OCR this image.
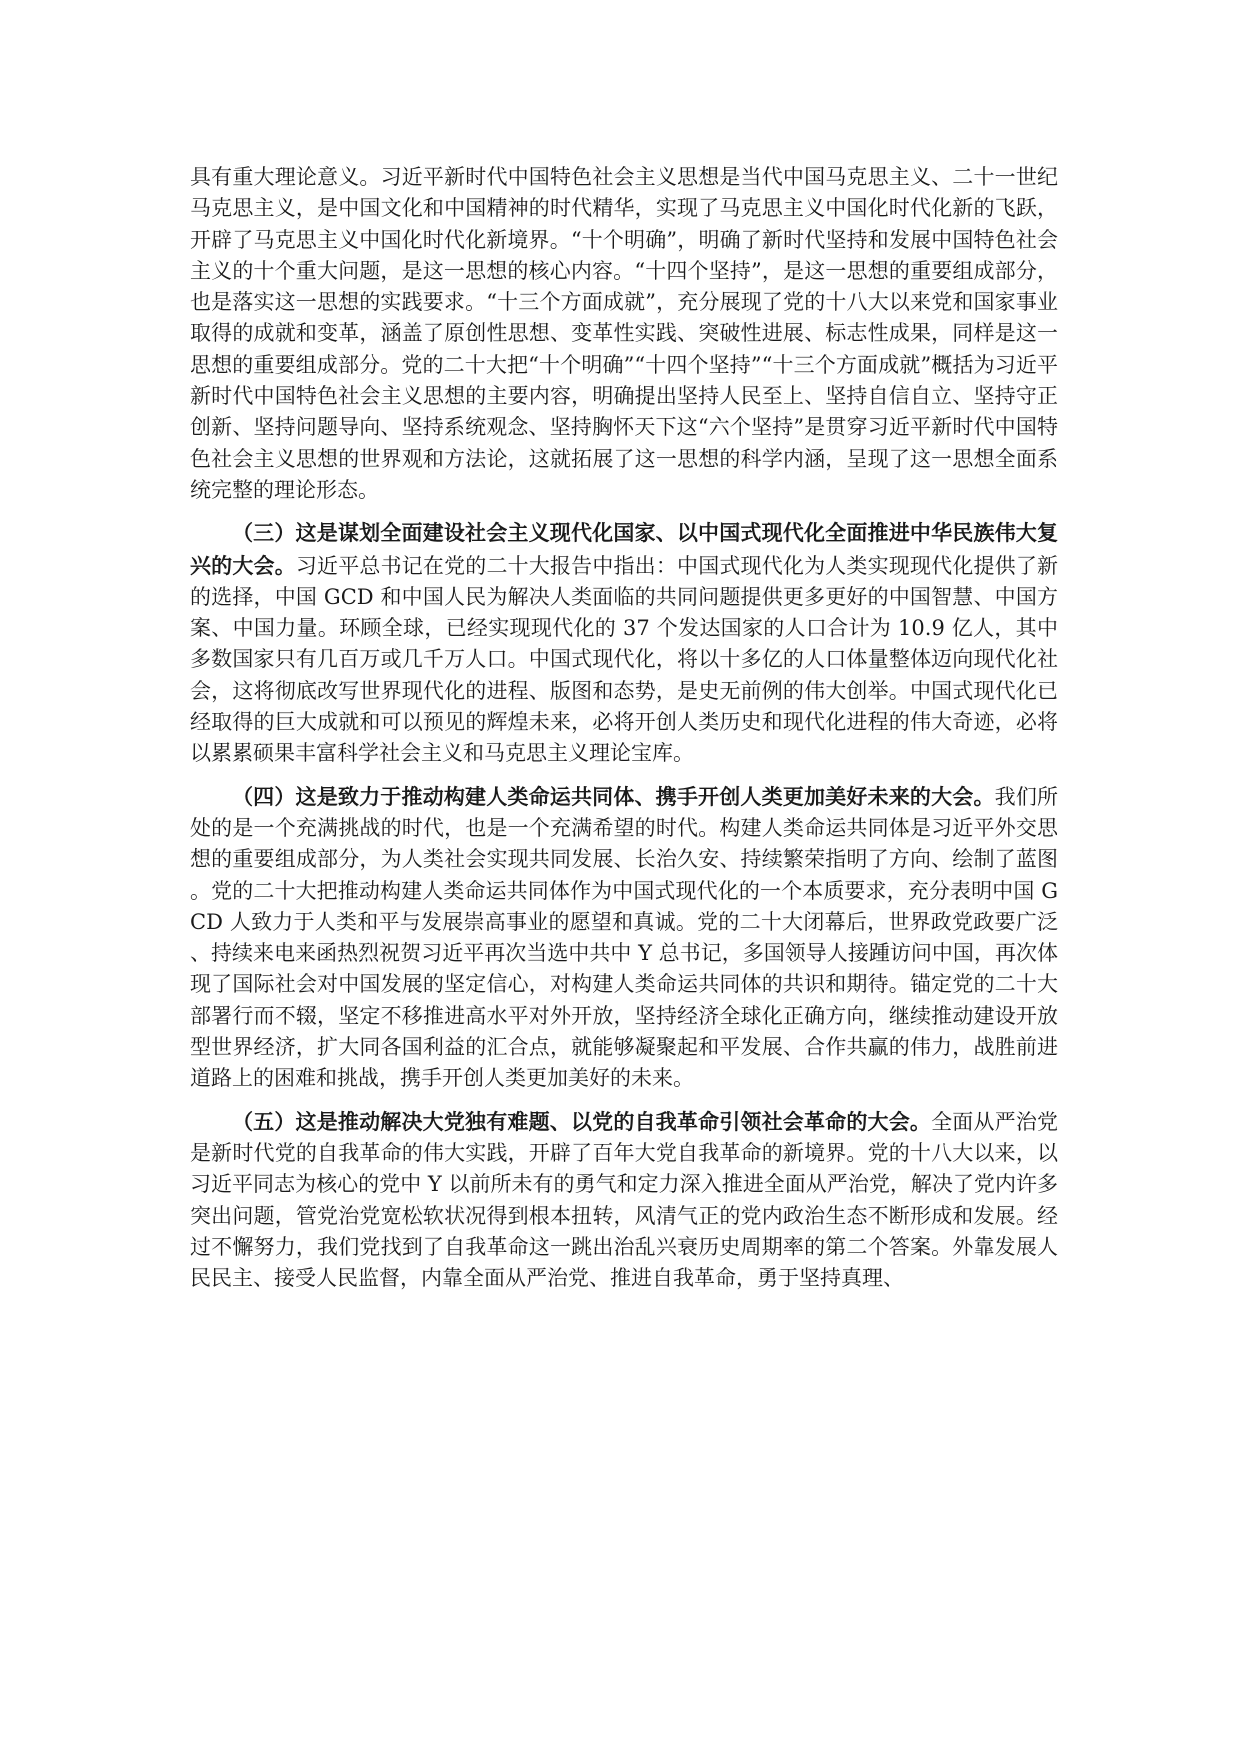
具有重大理论意义。习近平新时代中国特色社会主义思想是当代中国马克思主义、二十一世纪马克思主义，是中国文化和中国精神的时代精华，实现了马克思主义中国化时代化新的飞跃，开辟了马克思主义中国化时代化新境界。“十个明确”，明确了新时代坚持和发展中国特色社会主义的十个重大问题，是这一思想的核心内容。“十四个坚持”，是这一思想的重要组成部分，也是落实这一思想的实践要求。“十三个方面成就”，充分展现了党的十八大以来党和国家事业取得的成就和变革，涵盖了原创性思想、变革性实践、突破性进展、标志性成果，同样是这一思想的重要组成部分。党的二十大把“十个明确”“十四个坚持”“十三个方面成就”概括为习近平新时代中国特色社会主义思想的主要内容，明确提出坚持人民至上、坚持自信自立、坚持守正创新、坚持问题导向、坚持系统观念、坚持胸怀天下这“六个坚持”是贯穿习近平新时代中国特色社会主义思想的世界观和方法论，这就拓展了这一思想的科学内涵，呈现了这一思想全面系统完整的理论形态。

（三）这是谋划全面建设社会主义现代化国家、以中国式现代化全面推进中华民族伟大复兴的大会。习近平总书记在党的二十大报告中指出：中国式现代化为人类实现现代化提供了新的选择，中国 GCD 和中国人民为解决人类面临的共同问题提供更多更好的中国智慧、中国方案、中国力量。环顾全球，已经实现现代化的 37 个发达国家的人口合计为 10.9 亿人，其中多数国家只有几百万或几千万人口。中国式现代化，将以十多亿的人口体量整体迈向现代化社会，这将彻底改写世界现代化的进程、版图和态势，是史无前例的伟大创举。中国式现代化已经取得的巨大成就和可以预见的辉煌未来，必将开创人类历史和现代化进程的伟大奇迹，必将以累累硕果丰富科学社会主义和马克思主义理论宝库。

（四）这是致力于推动构建人类命运共同体、携手开创人类更加美好未来的大会。我们所处的是一个充满挑战的时代，也是一个充满希望的时代。构建人类命运共同体是习近平外交思想的重要组成部分，为人类社会实现共同发展、长治久安、持续繁荣指明了方向、绘制了蓝图。党的二十大把推动构建人类命运共同体作为中国式现代化的一个本质要求，充分表明中国 GCD 人致力于人类和平与发展崇高事业的愿望和真诚。党的二十大闭幕后，世界政党政要广泛、持续来电来函热烈祝贺习近平再次当选中共中 Y 总书记，多国领导人接踵访问中国，再次体现了国际社会对中国发展的坚定信心，对构建人类命运共同体的共识和期待。锚定党的二十大部署行而不辍，坚定不移推进高水平对外开放，坚持经济全球化正确方向，继续推动建设开放型世界经济，扩大同各国利益的汇合点，就能够凝聚起和平发展、合作共赢的伟力，战胜前进道路上的困难和挑战，携手开创人类更加美好的未来。

（五）这是推动解决大党独有难题、以党的自我革命引领社会革命的大会。全面从严治党是新时代党的自我革命的伟大实践，开辟了百年大党自我革命的新境界。党的十八大以来，以习近平同志为核心的党中 Y 以前所未有的勇气和定力深入推进全面从严治党，解决了党内许多突出问题，管党治党宽松软状况得到根本扭转，风清气正的党内政治生态不断形成和发展。经过不懈努力，我们党找到了自我革命这一跳出治乱兴衰历史周期率的第二个答案。外靠发展人民民主、接受人民监督，内靠全面从严治党、推进自我革命，勇于坚持真理、
